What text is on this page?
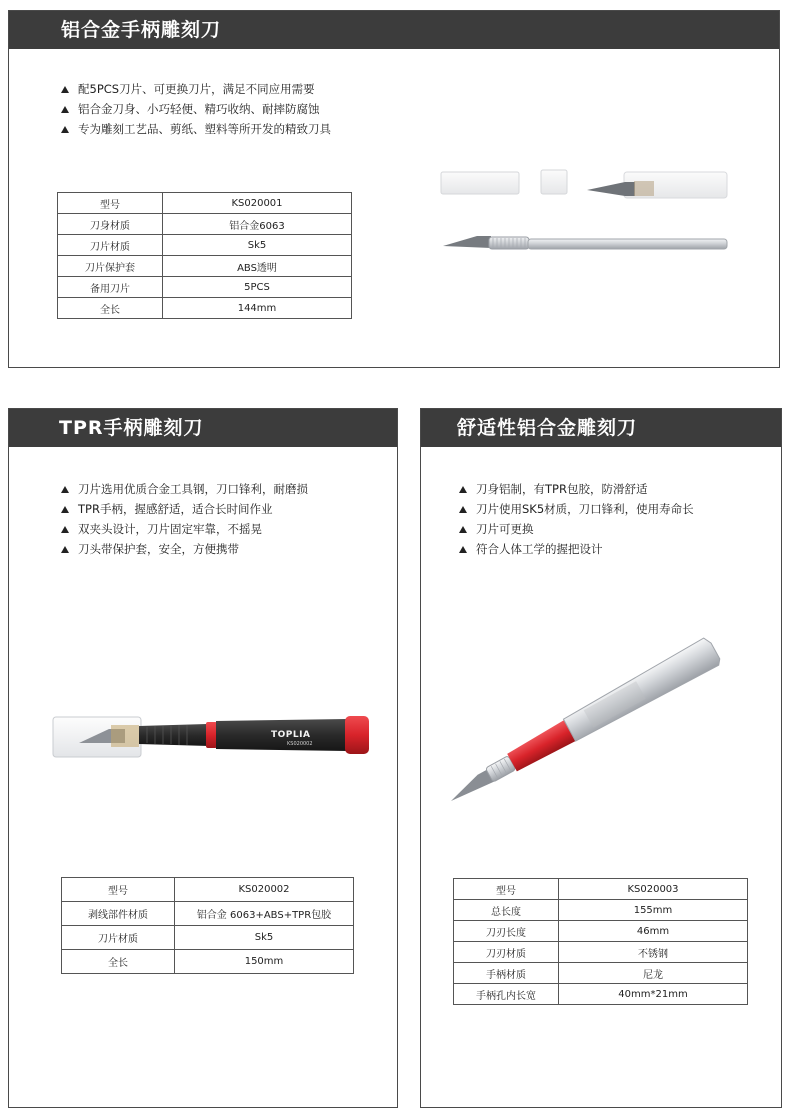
铝合金手柄雕刻刀
配5PCS刀片、可更换刀片，满足不同应用需要
铝合金刀身、小巧轻便、精巧收纳、耐摔防腐蚀
专为雕刻工艺品、剪纸、塑料等所开发的精致刀具
型号	KS020001
刀身材质	铝合金6063
刀片材质	Sk5
刀片保护套	ABS透明
备用刀片	5PCS
全长	144mm
TPR手柄雕刻刀
刀片选用优质合金工具钢，刀口锋利，耐磨损
TPR手柄，握感舒适，适合长时间作业
双夹头设计，刀片固定牢靠，不摇晃
刀头带保护套，安全，方便携带
TOPLIA
KS020002
型号	KS020002
剥线部件材质	铝合金 6063+ABS+TPR包胶
刀片材质	Sk5
全长	150mm
舒适性铝合金雕刻刀
刀身铝制，有TPR包胶，防滑舒适
刀片使用SK5材质，刀口锋利，使用寿命长
刀片可更换
符合人体工学的握把设计
型号	KS020003
总长度	155mm
刀刃长度	46mm
刀刃材质	不锈钢
手柄材质	尼龙
手柄孔内长宽	40mm*21mm
